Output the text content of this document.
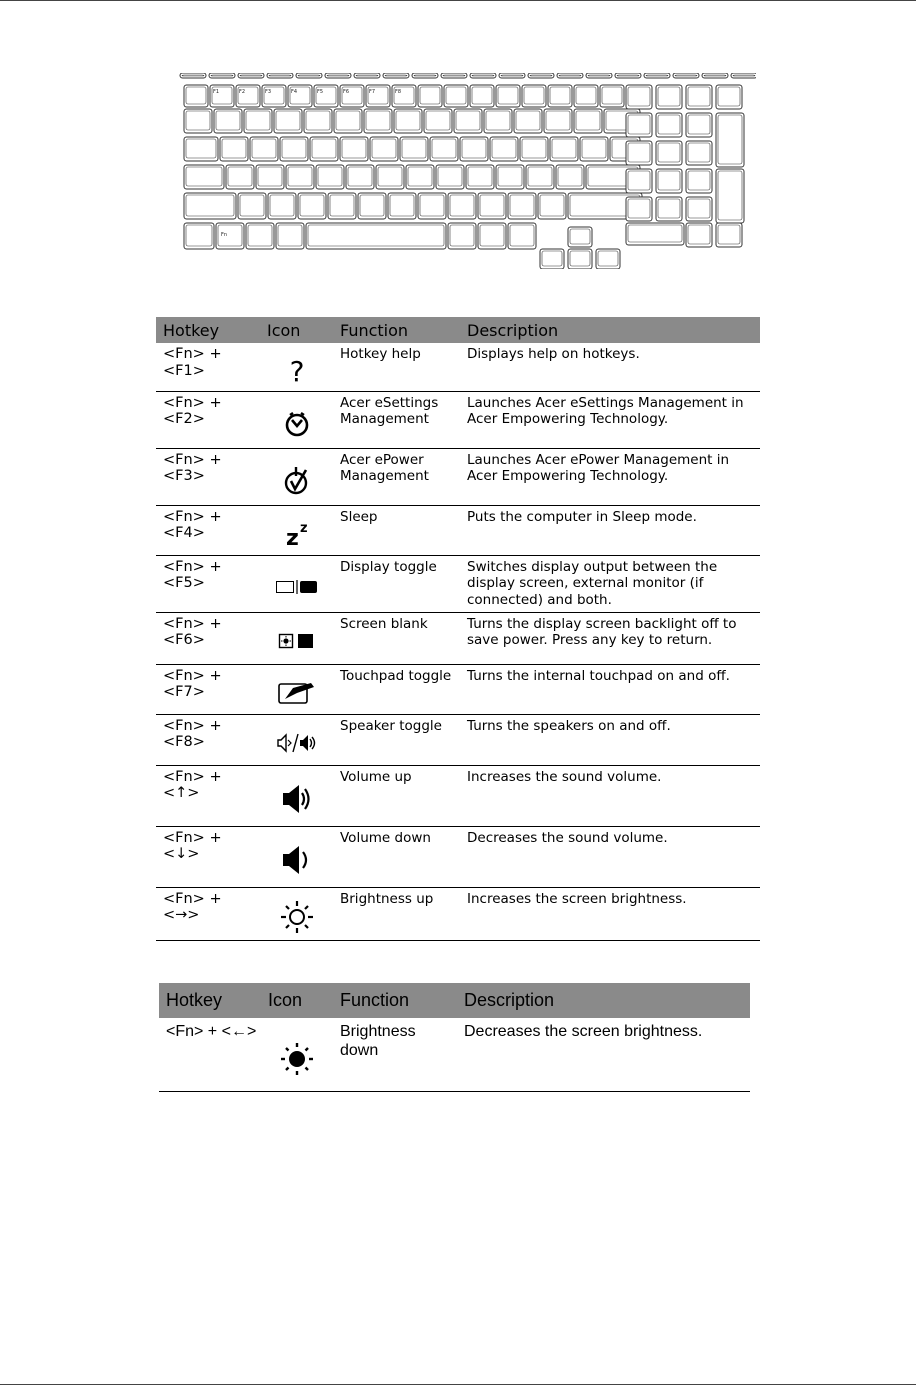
F1	F2	F3	F4	F5	F6	F7	F8
Fn
Hotkey	Icon	Function	Description
<Fn> + <F1>	?	Hotkey help	Displays help on hotkeys.
<Fn> + <F2>		Acer eSettings Management	Launches Acer eSettings Management in Acer Empowering Technology.
<Fn> + <F3>		Acer ePower Management	Launches Acer ePower Management in Acer Empowering Technology.
<Fn> + <F4>	z z	Sleep	Puts the computer in Sleep mode.
<Fn> + <F5>		Display toggle	Switches display output between the display screen, external monitor (if connected) and both.
<Fn> + <F6>		Screen blank	Turns the display screen backlight off to save power. Press any key to return.
<Fn> + <F7>		Touchpad toggle	Turns the internal touchpad on and off.
<Fn> + <F8>		Speaker toggle	Turns the speakers on and off.
<Fn> + <↑>		Volume up	Increases the sound volume.
<Fn> + <↓>		Volume down	Decreases the sound volume.
<Fn> + <→>		Brightness up	Increases the screen brightness.
Hotkey	Icon	Function	Description
<Fn> + <←>		Brightness down	Decreases the screen brightness.
